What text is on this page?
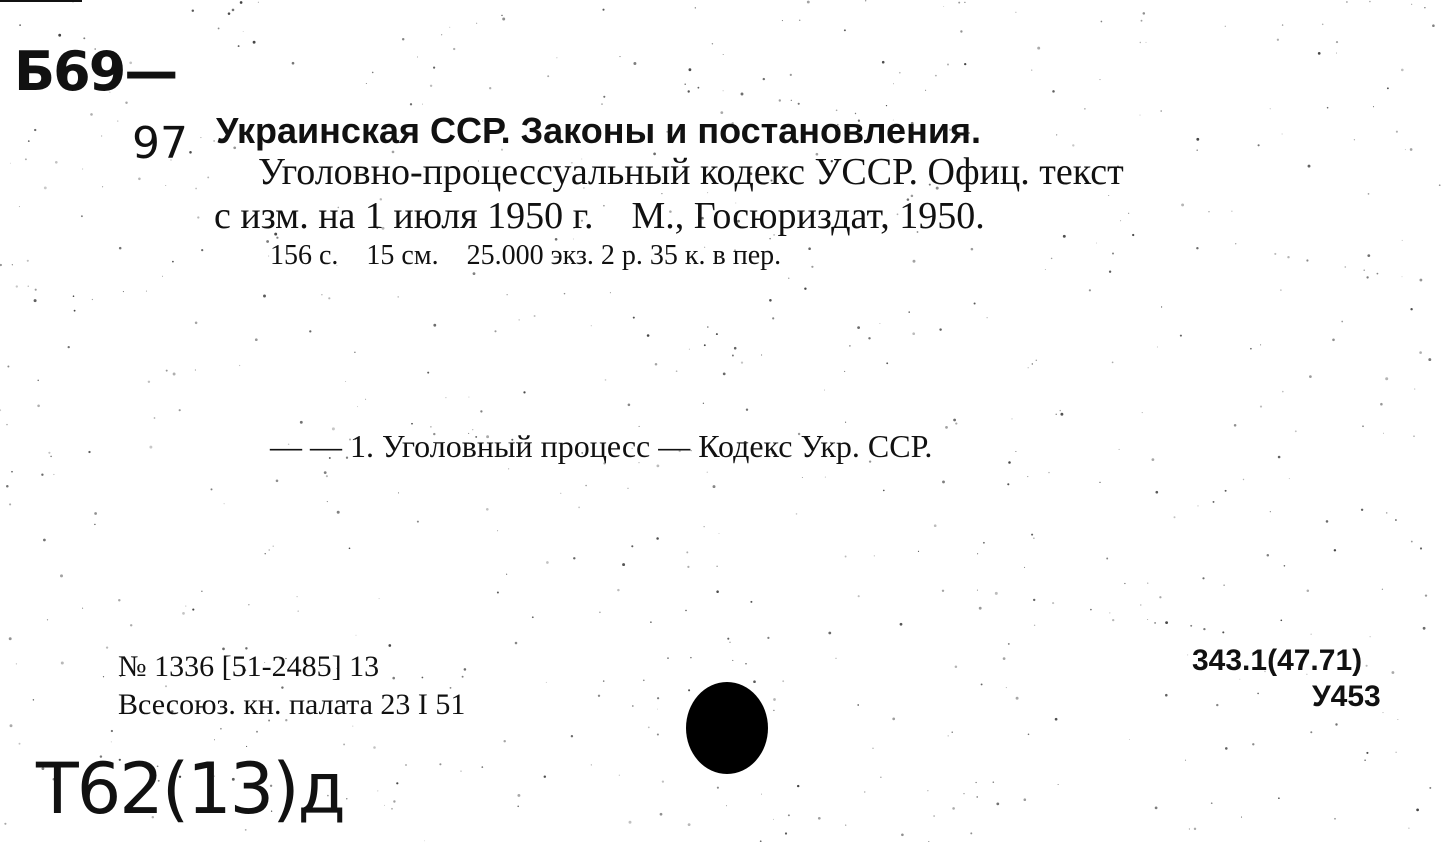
Б69—
97
T62(13)д
Украинская ССР. Законы и постановления.
Уголовно-процессуальный кодекс УССР. Офиц. текст
с изм. на 1 июля 1950 г.    М., Госюриздат, 1950.
156 с.    15 см.    25.000 экз. 2 р. 35 к. в пер.
— — 1. Уголовный процесс — Кодекс Укр. ССР.
№ 1336 [51-2485] 13
Всесоюз. кн. палата 23 I 51
343.1(47.71)
У453
